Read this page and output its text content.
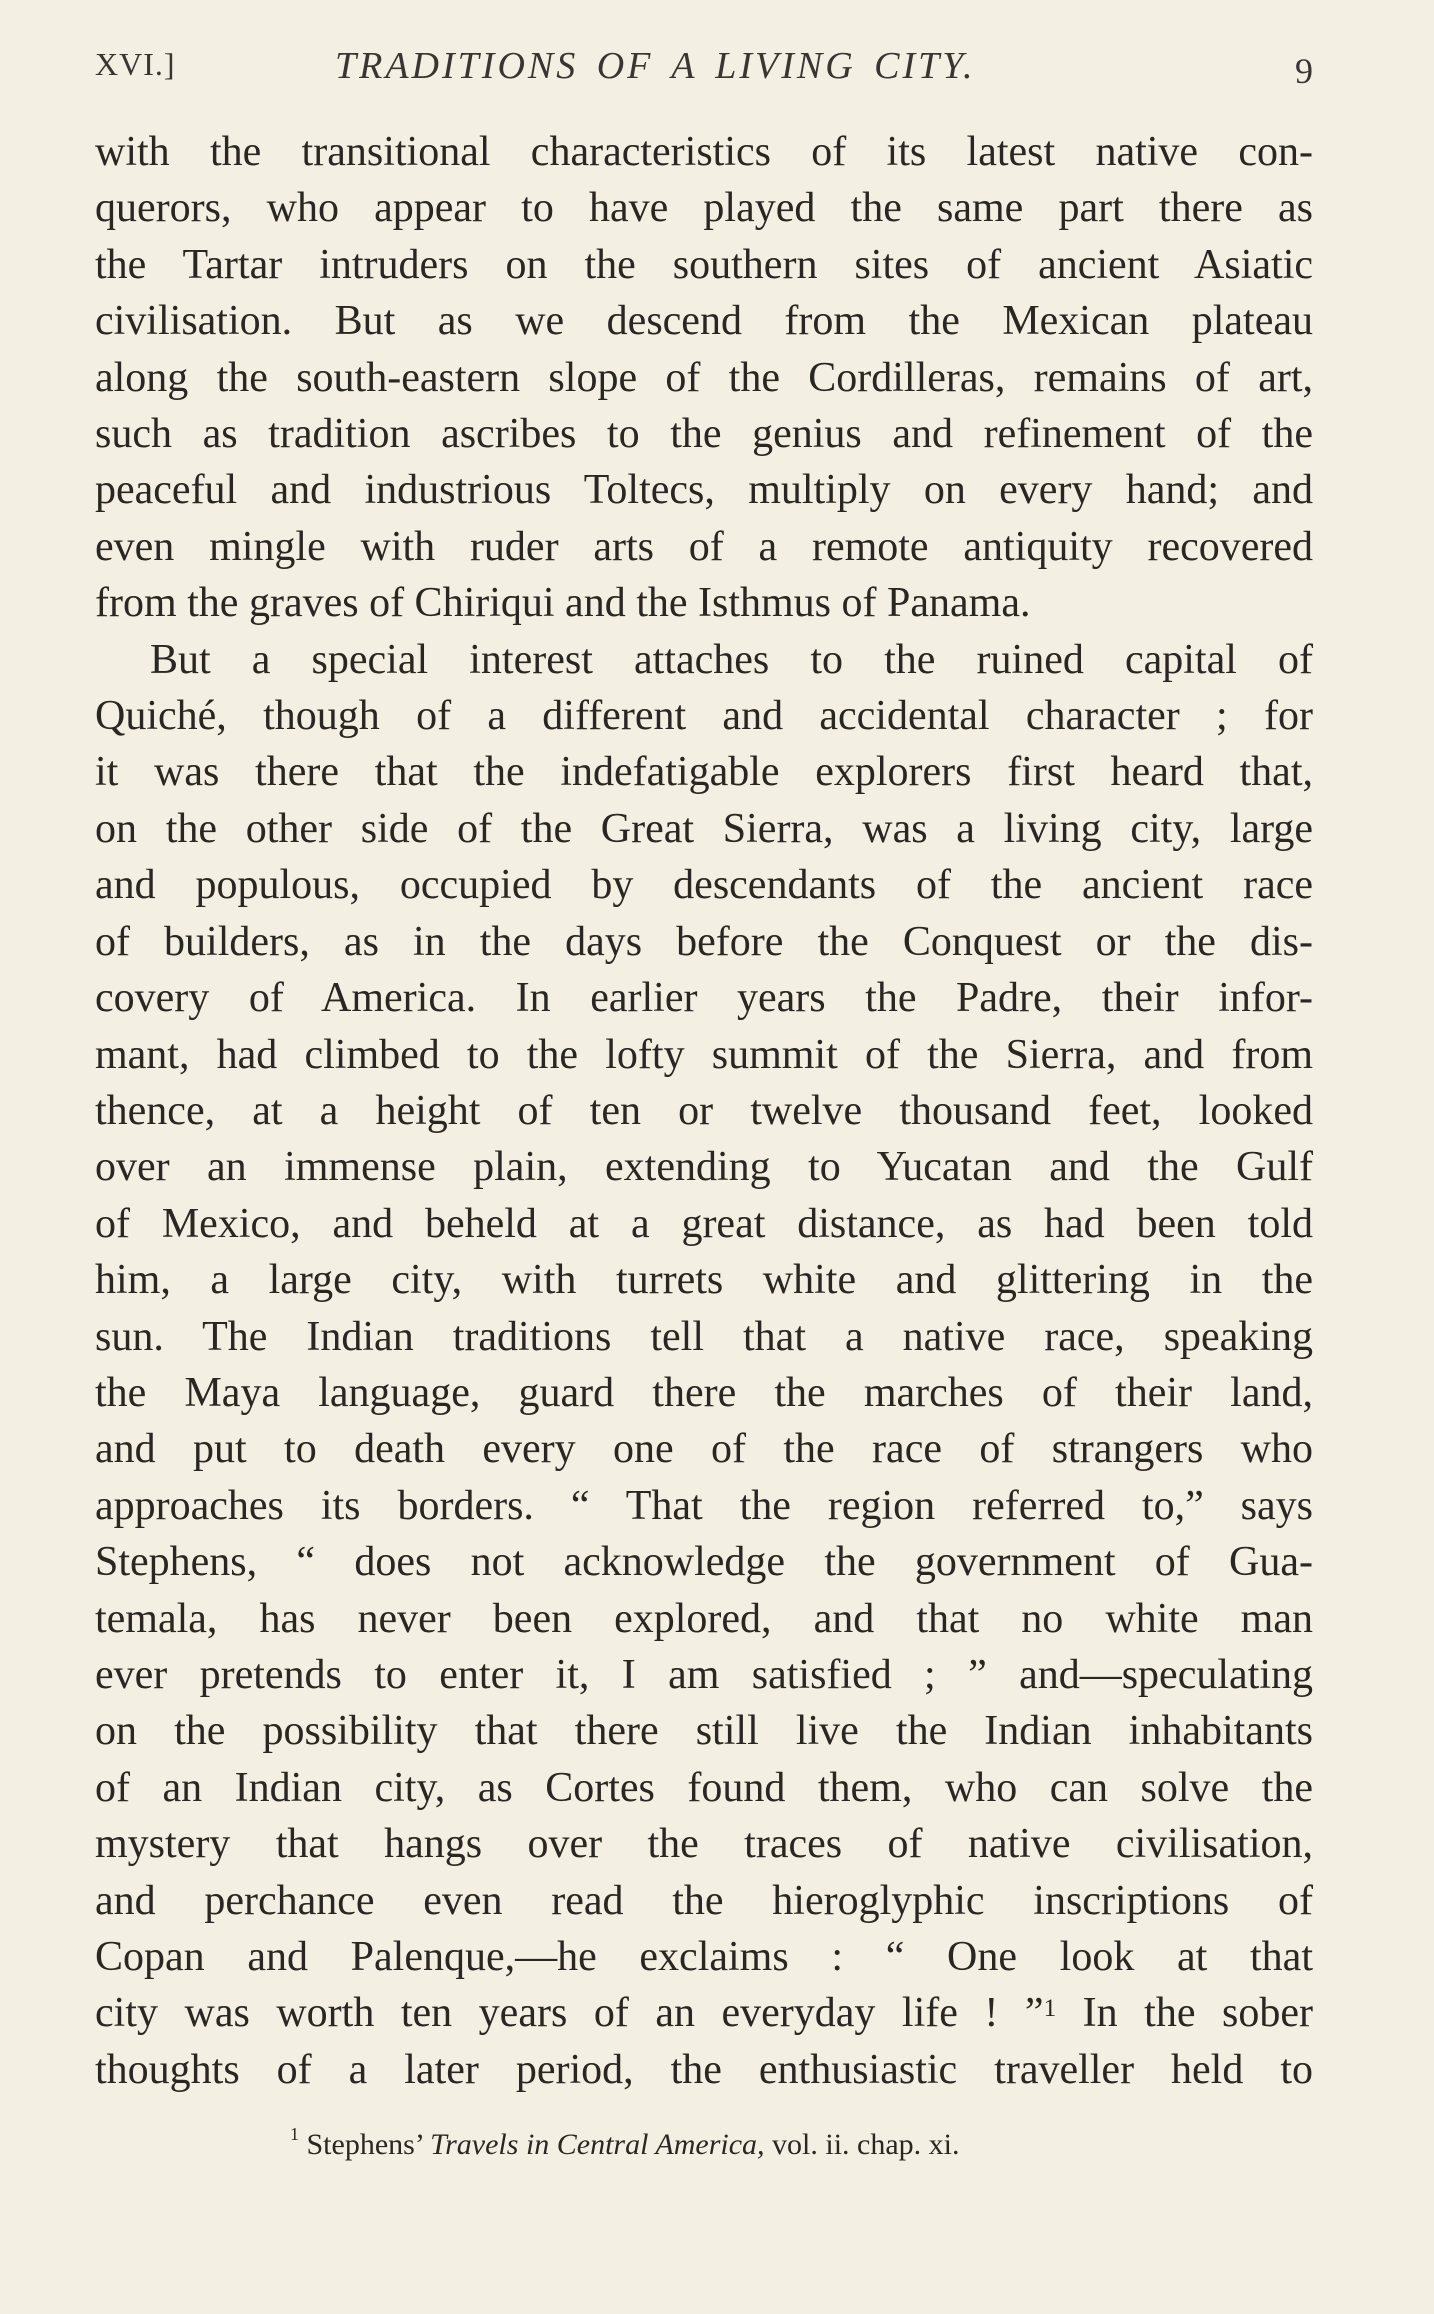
XVI.]	TRADITIONS OF A LIVING CITY.	9

with the transitional characteristics of its latest native con-

querors, who appear to have played the same part there as

the Tartar intruders on the southern sites of ancient Asiatic

civilisation. But as we descend from the Mexican plateau

along the south-eastern slope of the Cordilleras, remains of art,

such as tradition ascribes to the genius and refinement of the

peaceful and industrious Toltecs, multiply on every hand; and

even mingle with ruder arts of a remote antiquity recovered

from the graves of Chiriqui and the Isthmus of Panama.

But a special interest attaches to the ruined capital of

Quiché, though of a different and accidental character ; for

it was there that the indefatigable explorers first heard that,

on the other side of the Great Sierra, was a living city, large

and populous, occupied by descendants of the ancient race

of builders, as in the days before the Conquest or the dis-

covery of America. In earlier years the Padre, their infor-

mant, had climbed to the lofty summit of the Sierra, and from

thence, at a height of ten or twelve thousand feet, looked

over an immense plain, extending to Yucatan and the Gulf

of Mexico, and beheld at a great distance, as had been told

him, a large city, with turrets white and glittering in the

sun. The Indian traditions tell that a native race, speaking

the Maya language, guard there the marches of their land,

and put to death every one of the race of strangers who

approaches its borders. “ That the region referred to,” says

Stephens, “ does not acknowledge the government of Gua-

temala, has never been explored, and that no white man

ever pretends to enter it, I am satisfied ; ” and—speculating

on the possibility that there still live the Indian inhabitants

of an Indian city, as Cortes found them, who can solve the

mystery that hangs over the traces of native civilisation,

and perchance even read the hieroglyphic inscriptions of

Copan and Palenque,—he exclaims : “ One look at that

city was worth ten years of an everyday life ! ”$^1$ In the sober

thoughts of a later period, the enthusiastic traveller held to

$^1$ Stephens’ Travels in Central America, vol. ii. chap. xi.
